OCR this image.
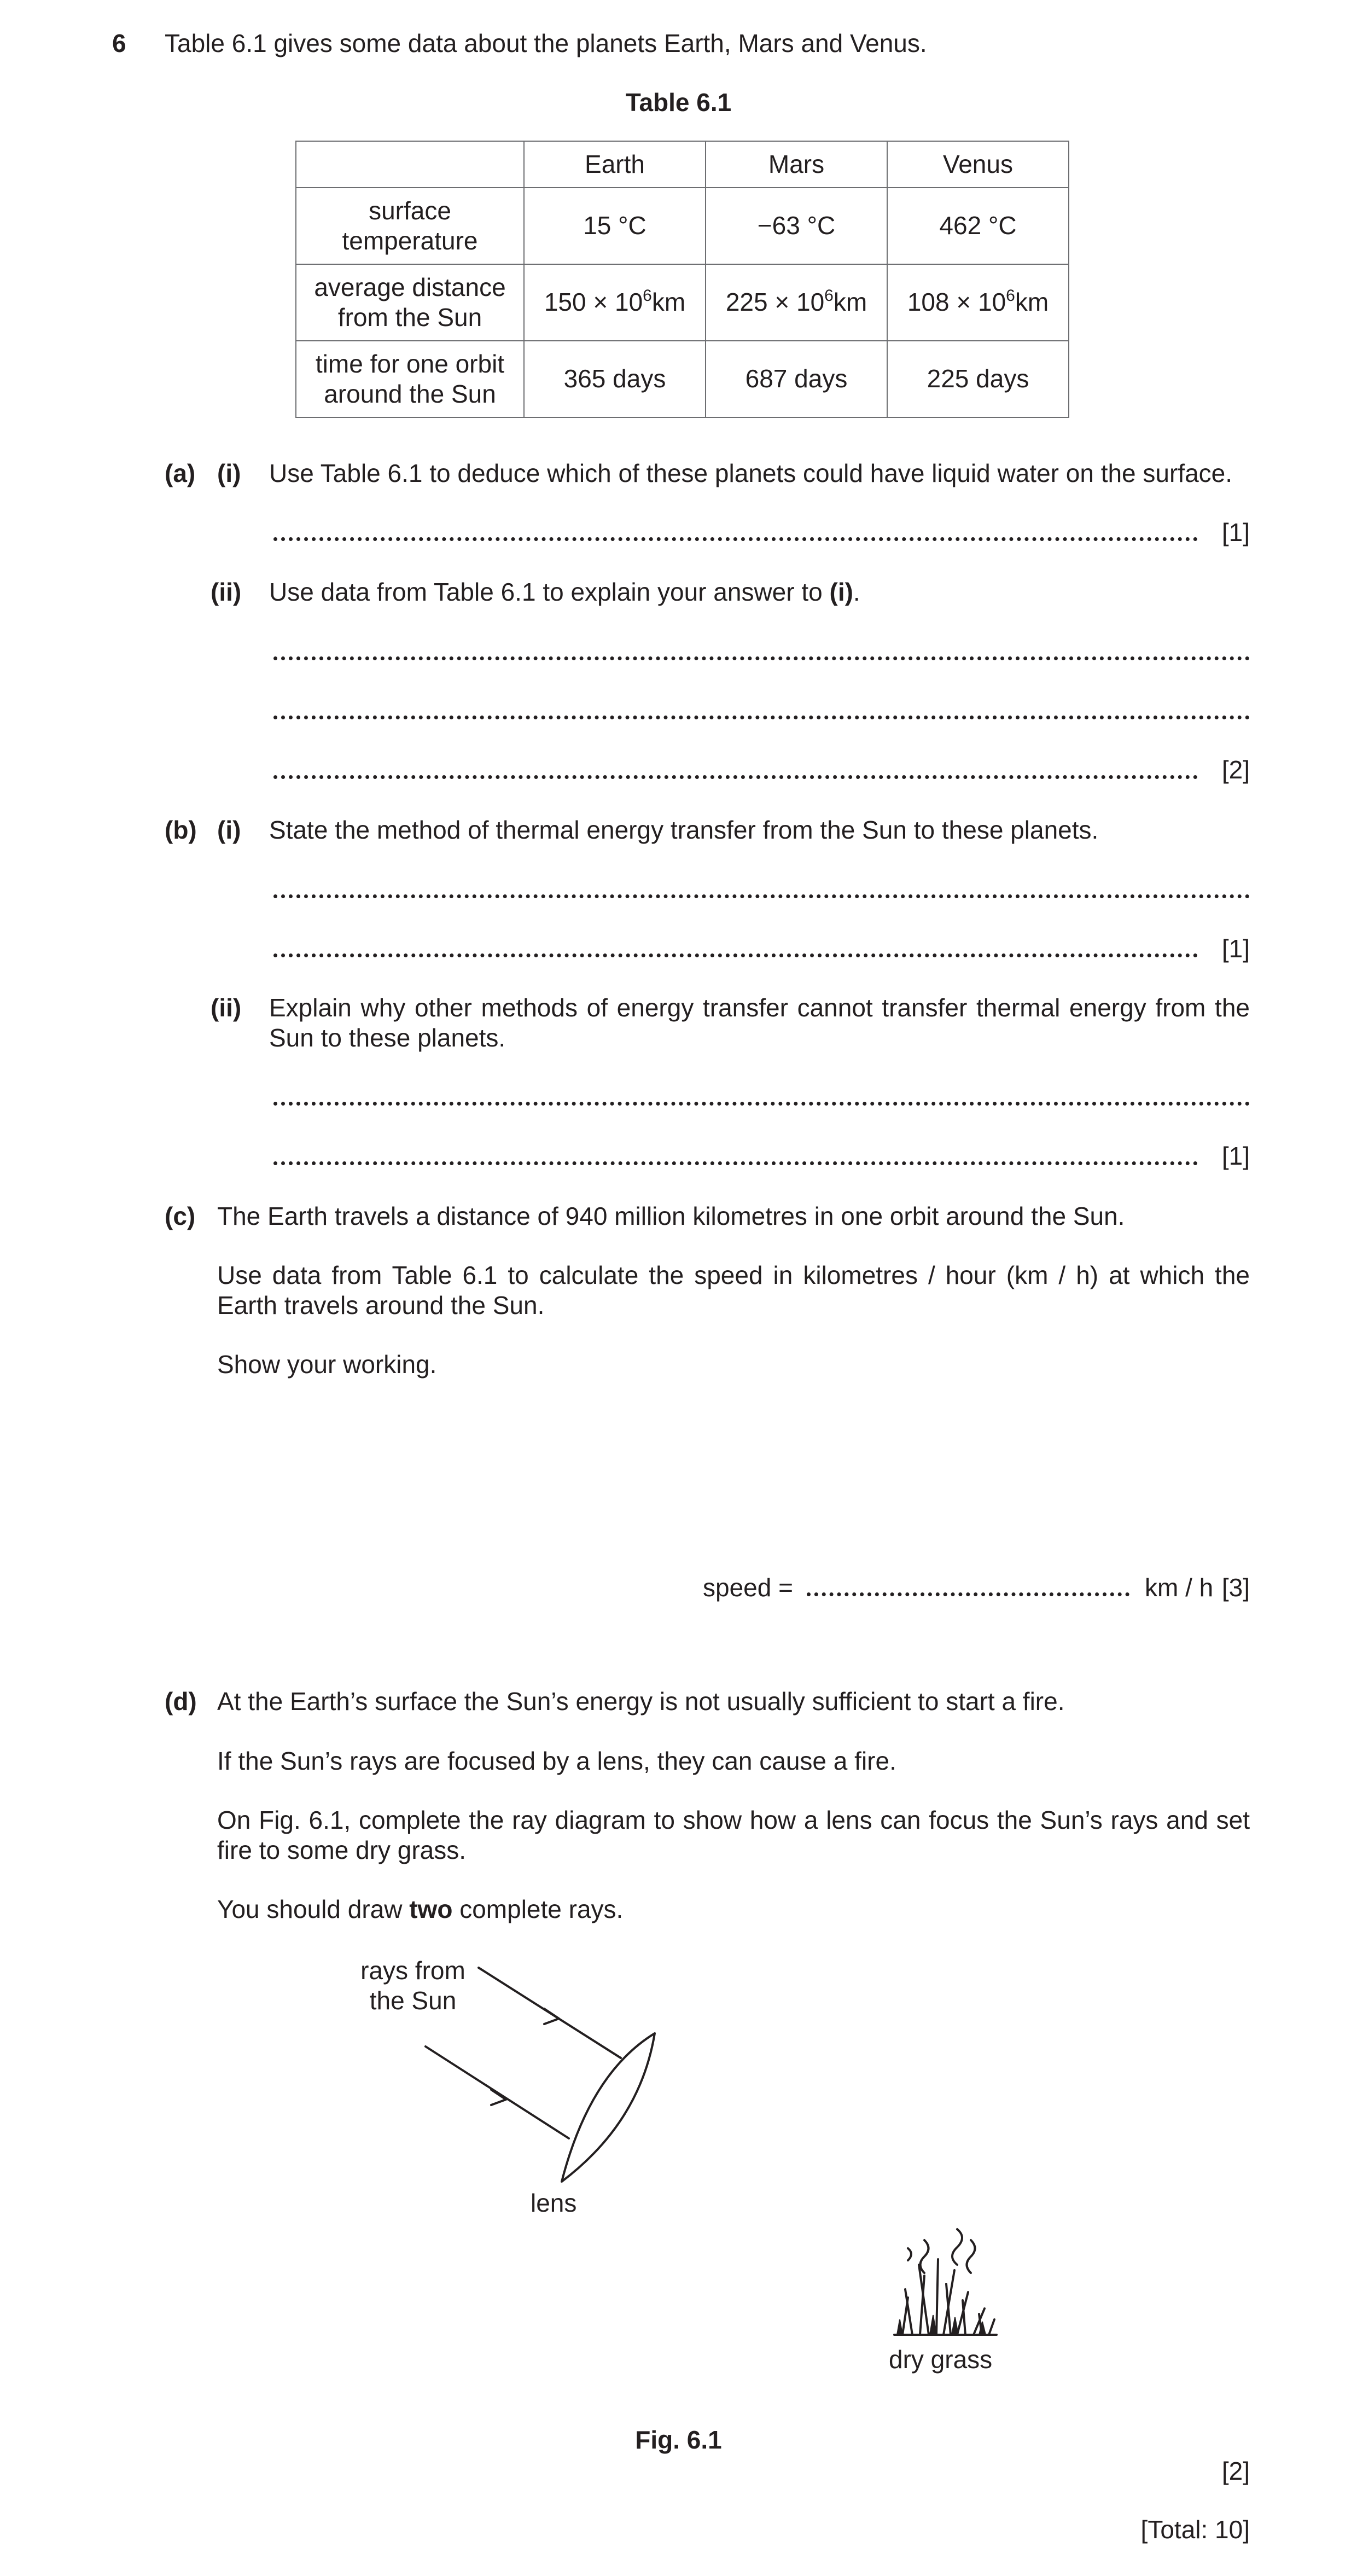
6 Table 6.1 gives some data about the planets Earth, Mars and Venus.
Table 6.1
	Earth	Mars	Venus
surface temperature	15 °C	−63 °C	462 °C
average distance from the Sun	$150 \times 10^6km$	$225 \times 10^6km$	$108 \times 10^6km$
time for one orbit around the Sun	365 days	687 days	225 days
(a) (i) Use Table 6.1 to deduce which of these planets could have liquid water on the surface.
[1]
(ii) Use data from Table 6.1 to explain your answer to (i).
[2]
(b) (i) State the method of thermal energy transfer from the Sun to these planets.
[1]
(ii) Explain why other methods of energy transfer cannot transfer thermal energy from the Sun to these planets.
[1]
(c) The Earth travels a distance of 940 million kilometres in one orbit around the Sun.
Use data from Table 6.1 to calculate the speed in kilometres / hour (km / h) at which the Earth travels around the Sun.
Show your working.
speed =	km / h [3]
(d) At the Earth’s surface the Sun’s energy is not usually sufficient to start a fire.
If the Sun’s rays are focused by a lens, they can cause a fire.
On Fig. 6.1, complete the ray diagram to show how a lens can focus the Sun’s rays and set fire to some dry grass.
You should draw two complete rays.
rays from
the Sun
lens
dry grass
Fig. 6.1
[2]
[Total: 10]
